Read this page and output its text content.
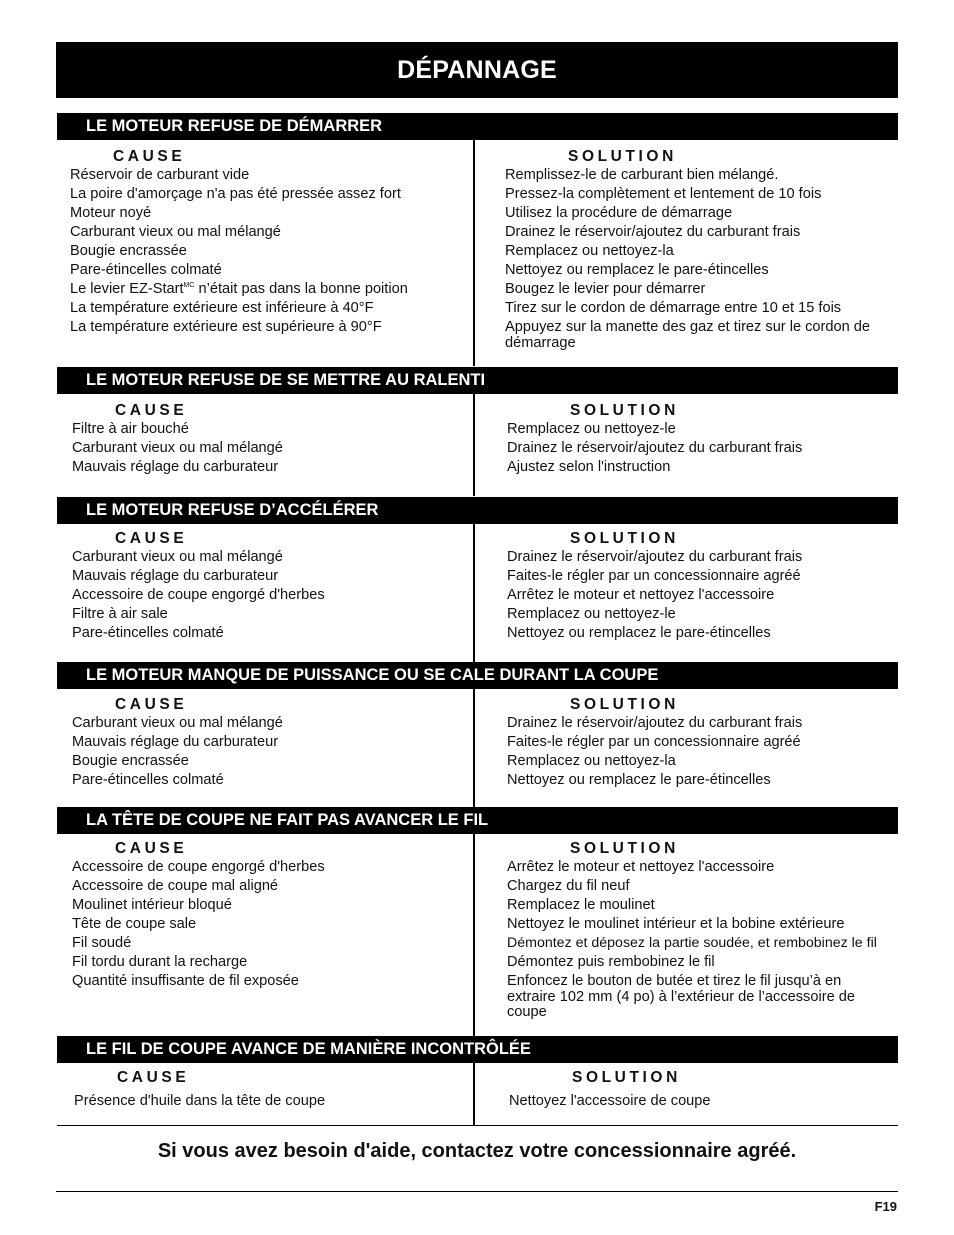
DÉPANNAGE
LE MOTEUR REFUSE DE DÉMARRER
CAUSE
Réservoir de carburant vide
La poire d'amorçage n'a pas été pressée assez fort
Moteur noyé
Carburant vieux ou mal mélangé
Bougie encrassée
Pare-étincelles colmaté
Le levier EZ-Start$^{MC}$ n’était pas dans la bonne poition
La température extérieure est inférieure à 40°F
La température extérieure est supérieure à 90°F
SOLUTION
Remplissez-le de carburant bien mélangé.
Pressez-la complètement et lentement de 10 fois
Utilisez la procédure de démarrage
Drainez le réservoir/ajoutez du carburant frais
Remplacez ou nettoyez-la
Nettoyez ou remplacez le pare-étincelles
Bougez le levier pour démarrer
Tirez sur le cordon de démarrage entre 10 et 15 fois
Appuyez sur la manette des gaz et tirez sur le cordon de démarrage
LE MOTEUR REFUSE DE SE METTRE AU RALENTI
CAUSE
Filtre à air bouché
Carburant vieux ou mal mélangé
Mauvais réglage du carburateur
SOLUTION
Remplacez ou nettoyez-le
Drainez le réservoir/ajoutez du carburant frais
Ajustez selon l'instruction
LE MOTEUR REFUSE D’ACCÉLÉRER
CAUSE
Carburant vieux ou mal mélangé
Mauvais réglage du carburateur
Accessoire de coupe engorgé d'herbes
Filtre à air sale
Pare-étincelles colmaté
SOLUTION
Drainez le réservoir/ajoutez du carburant frais
Faites-le régler par un concessionnaire agréé
Arrêtez le moteur et nettoyez l'accessoire
Remplacez ou nettoyez-le
Nettoyez ou remplacez le pare-étincelles
LE MOTEUR MANQUE DE PUISSANCE OU SE CALE DURANT LA COUPE
CAUSE
Carburant vieux ou mal mélangé
Mauvais réglage du carburateur
Bougie encrassée
Pare-étincelles colmaté
SOLUTION
Drainez le réservoir/ajoutez du carburant frais
Faites-le régler par un concessionnaire agréé
Remplacez ou nettoyez-la
Nettoyez ou remplacez le pare-étincelles
LA TÊTE DE COUPE NE FAIT PAS AVANCER LE FIL
CAUSE
Accessoire de coupe engorgé d'herbes
Accessoire de coupe mal aligné
Moulinet intérieur bloqué
Tête de coupe sale
Fil soudé
Fil tordu durant la recharge
Quantité insuffisante de fil exposée
SOLUTION
Arrêtez le moteur et nettoyez l'accessoire
Chargez du fil neuf
Remplacez le moulinet
Nettoyez le moulinet intérieur et la bobine extérieure
Démontez et déposez la partie soudée, et rembobinez le fil
Démontez puis rembobinez le fil
Enfoncez le bouton de butée et tirez le fil jusqu’à en extraire 102 mm (4 po) à l’extérieur de l’accessoire de coupe
LE FIL DE COUPE AVANCE DE MANIÈRE INCONTRÔLÉE
CAUSE
Présence d'huile dans la tête de coupe
SOLUTION
Nettoyez l'accessoire de coupe
Si vous avez besoin d'aide, contactez votre concessionnaire agréé.
F19
